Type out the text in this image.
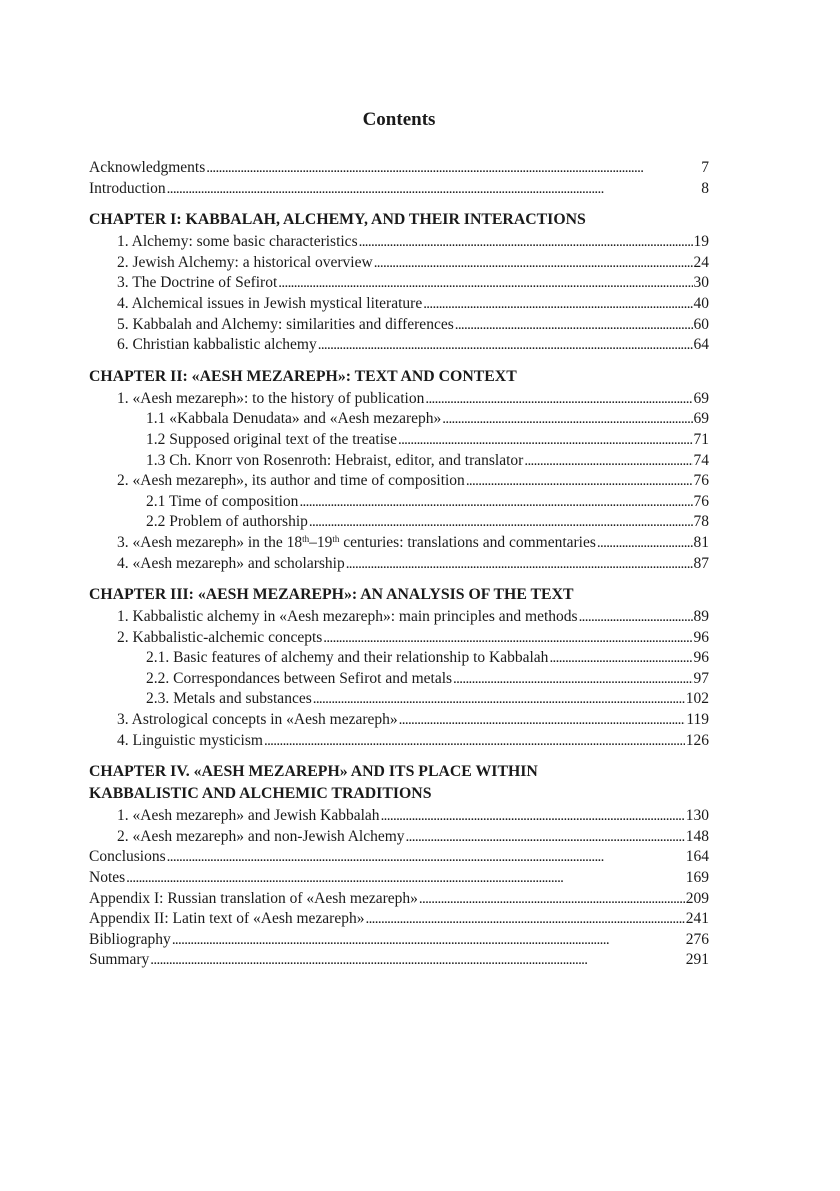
Contents
Acknowledgments . . .	7
Introduction . . .	8
CHAPTER I: KABBALAH, ALCHEMY, AND THEIR INTERACTIONS
1. Alchemy: some basic characteristics . . .	19
2. Jewish Alchemy: a historical overview . . .	24
3. The Doctrine of Sefirot . . .	30
4. Alchemical issues in Jewish mystical literature . . .	40
5. Kabbalah and Alchemy: similarities and differences . . .	60
6. Christian kabbalistic alchemy . . .	64
CHAPTER II: «AESH MEZAREPH»: TEXT AND CONTEXT
1. «Aesh mezareph»: to the history of publication . . .	69
1.1 «Kabbala Denudata» and «Aesh mezareph» . . .	69
1.2 Supposed original text of the treatise . . .	71
1.3 Ch. Knorr von Rosenroth: Hebraist, editor, and translator . . .	74
2. «Aesh mezareph», its author and time of composition . . .	76
2.1 Time of composition . . .	76
2.2 Problem of authorship . . .	78
3. «Aesh mezareph» in the 18th–19th centuries: translations and commentaries . . .	81
4. «Aesh mezareph» and scholarship . . .	87
CHAPTER III: «AESH MEZAREPH»: AN ANALYSIS OF THE TEXT
1. Kabbalistic alchemy in «Aesh mezareph»: main principles and methods . . .	89
2. Kabbalistic-alchemic concepts . . .	96
2.1. Basic features of alchemy and their relationship to Kabbalah . . .	96
2.2. Correspondances between Sefirot and metals . . .	97
2.3. Metals and substances . . .	102
3. Astrological concepts in «Aesh mezareph» . . .	119
4. Linguistic mysticism . . .	126
CHAPTER IV. «AESH MEZAREPH» AND ITS PLACE WITHIN
KABBALISTIC AND ALCHEMIC TRADITIONS
1. «Aesh mezareph» and Jewish Kabbalah . . .	130
2. «Aesh mezareph» and non-Jewish Alchemy . . .	148
Conclusions . . .	164
Notes . . .	169
Appendix I: Russian translation of «Aesh mezareph» . . .	209
Appendix II: Latin text of «Aesh mezareph» . . .	241
Bibliography . . .	276
Summary . . .	291
